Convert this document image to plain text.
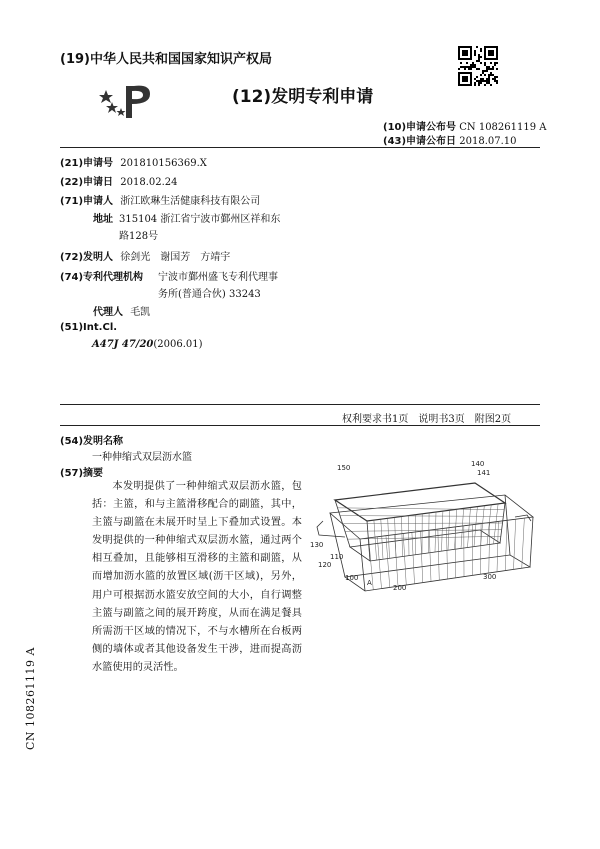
(19)中华人民共和国国家知识产权局
(12)发明专利申请
(10)申请公布号 CN 108261119 A
(43)申请公布日 2018.07.10
(21)申请号 201810156369.X
(22)申请日 2018.02.24
(71)申请人 浙江欧琳生活健康科技有限公司
地址 315104 浙江省宁波市鄞州区祥和东
路128号
(72)发明人 徐剑光　谢国芳　方靖宇
(74)专利代理机构 宁波市鄞州盛飞专利代理事
务所(普通合伙) 33243
代理人 毛凯
(51)Int.Cl.
A47J 47/20(2006.01)
权利要求书1页　说明书3页　附图2页
(54)发明名称
一种伸缩式双层沥水篮
(57)摘要

本发明提供了一种伸缩式双层沥水篮，包括：主篮，和与主篮滑移配合的副篮，其中，主篮与副篮在未展开时呈上下叠加式设置。本发明提供的一种伸缩式双层沥水篮，通过两个相互叠加，且能够相互滑移的主篮和副篮，从而增加沥水篮的放置区域(沥干区域)，另外，用户可根据沥水篮安放空间的大小，自行调整主篮与副篮之间的展开跨度，从而在满足餐具所需沥干区域的情况下，不与水槽所在台板两侧的墙体或者其他设备发生干涉，进而提高沥水篮使用的灵活性。

150	140
141
130
120
110
100
A
200
300
CN 108261119 A
